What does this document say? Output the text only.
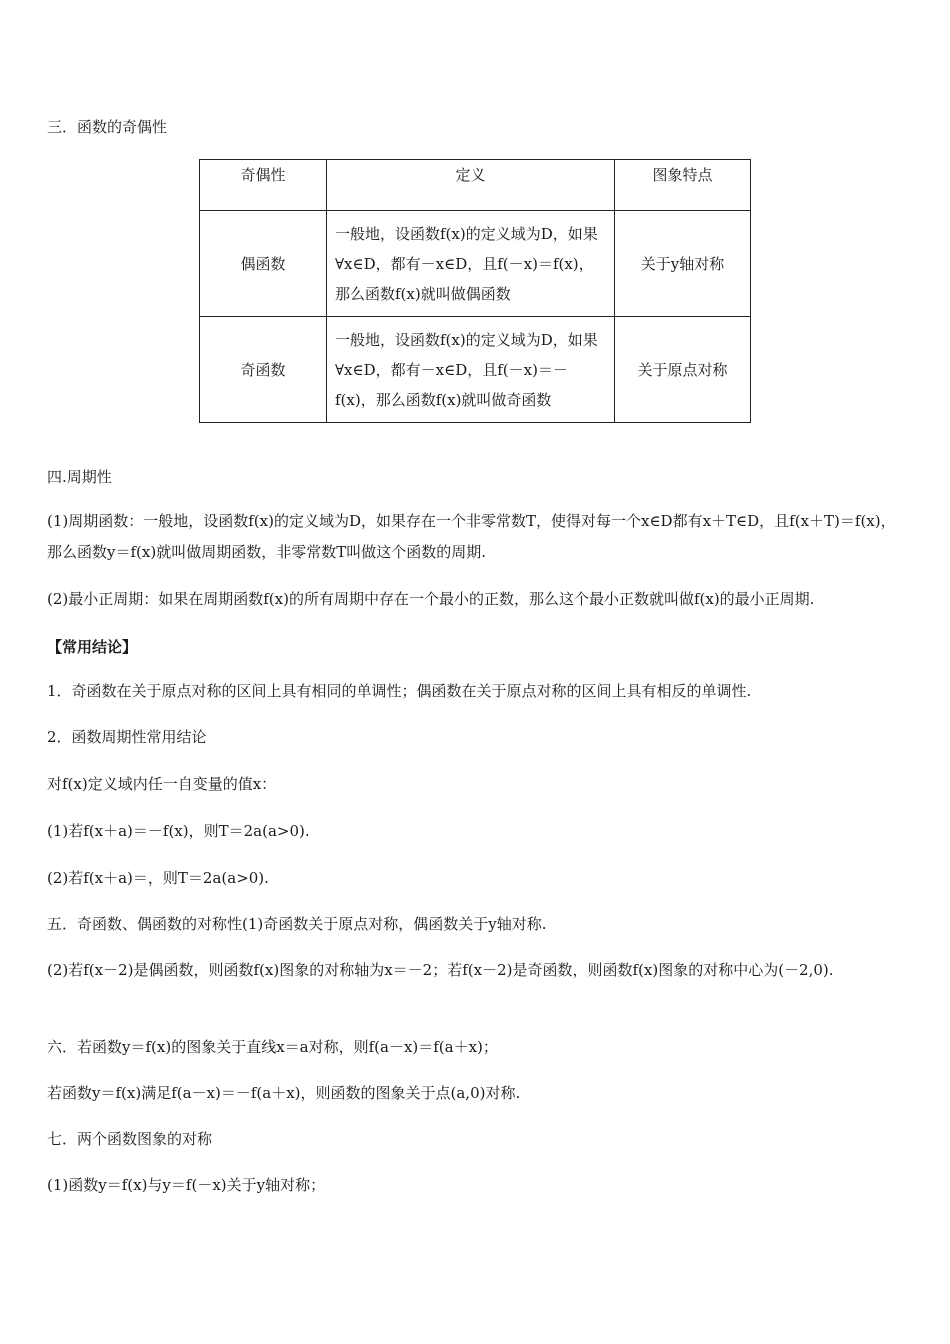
三．函数的奇偶性
奇偶性	定义	图象特点
偶函数	一般地，设函数f(x)的定义域为D，如果∀x∈D，都有－x∈D，且f(－x)＝f(x)，那么函数f(x)就叫做偶函数	关于y轴对称
奇函数	一般地，设函数f(x)的定义域为D，如果∀x∈D，都有－x∈D，且f(－x)＝－f(x)，那么函数f(x)就叫做奇函数	关于原点对称
四.周期性
(1)周期函数：一般地，设函数f(x)的定义域为D，如果存在一个非零常数T，使得对每一个x∈D都有x＋T∈D，且f(x＋T)＝f(x)，那么函数y＝f(x)就叫做周期函数，非零常数T叫做这个函数的周期.
(2)最小正周期：如果在周期函数f(x)的所有周期中存在一个最小的正数，那么这个最小正数就叫做f(x)的最小正周期.
【常用结论】
1．奇函数在关于原点对称的区间上具有相同的单调性；偶函数在关于原点对称的区间上具有相反的单调性.
2．函数周期性常用结论
对f(x)定义域内任一自变量的值x：
(1)若f(x＋a)＝－f(x)，则T＝2a(a>0).
(2)若f(x＋a)＝，则T＝2a(a>0).
五．奇函数、偶函数的对称性(1)奇函数关于原点对称，偶函数关于y轴对称.
(2)若f(x－2)是偶函数，则函数f(x)图象的对称轴为x＝－2；若f(x－2)是奇函数，则函数f(x)图象的对称中心为(－2,0).
六．若函数y＝f(x)的图象关于直线x＝a对称，则f(a－x)＝f(a＋x)；
若函数y＝f(x)满足f(a－x)＝－f(a＋x)，则函数的图象关于点(a,0)对称.
七．两个函数图象的对称
(1)函数y＝f(x)与y＝f(－x)关于y轴对称；
